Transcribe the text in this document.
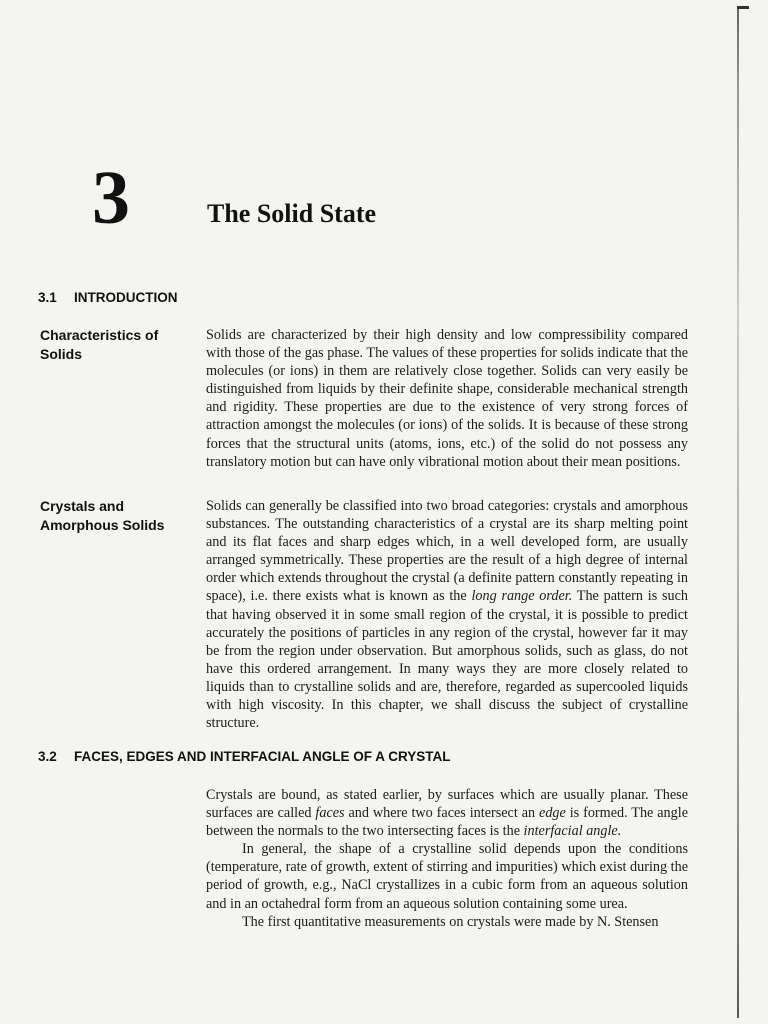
3	The Solid State
3.1 INTRODUCTION
Characteristics of Solids
Solids are characterized by their high density and low compressibility compared with those of the gas phase. The values of these properties for solids indicate that the molecules (or ions) in them are relatively close together. Solids can very easily be distinguished from liquids by their definite shape, considerable mechanical strength and rigidity. These properties are due to the existence of very strong forces of attraction amongst the molecules (or ions) of the solids. It is because of these strong forces that the structural units (atoms, ions, etc.) of the solid do not possess any translatory motion but can have only vibrational motion about their mean positions.
Crystals and Amorphous Solids
Solids can generally be classified into two broad categories: crystals and amorphous substances. The outstanding characteristics of a crystal are its sharp melting point and its flat faces and sharp edges which, in a well developed form, are usually arranged symmetrically. These properties are the result of a high degree of internal order which extends throughout the crystal (a definite pattern constantly repeating in space), i.e. there exists what is known as the long range order. The pattern is such that having observed it in some small region of the crystal, it is possible to predict accurately the positions of particles in any region of the crystal, however far it may be from the region under observation. But amorphous solids, such as glass, do not have this ordered arrangement. In many ways they are more closely related to liquids than to crystalline solids and are, therefore, regarded as supercooled liquids with high viscosity. In this chapter, we shall discuss the subject of crystalline structure.
3.2 FACES, EDGES AND INTERFACIAL ANGLE OF A CRYSTAL

Crystals are bound, as stated earlier, by surfaces which are usually planar. These surfaces are called faces and where two faces intersect an edge is formed. The angle between the normals to the two intersecting faces is the interfacial angle.

In general, the shape of a crystalline solid depends upon the conditions (temperature, rate of growth, extent of stirring and impurities) which exist during the period of growth, e.g., NaCl crystallizes in a cubic form from an aqueous solution and in an octahedral form from an aqueous solution containing some urea.

The first quantitative measurements on crystals were made by N. Stensen
